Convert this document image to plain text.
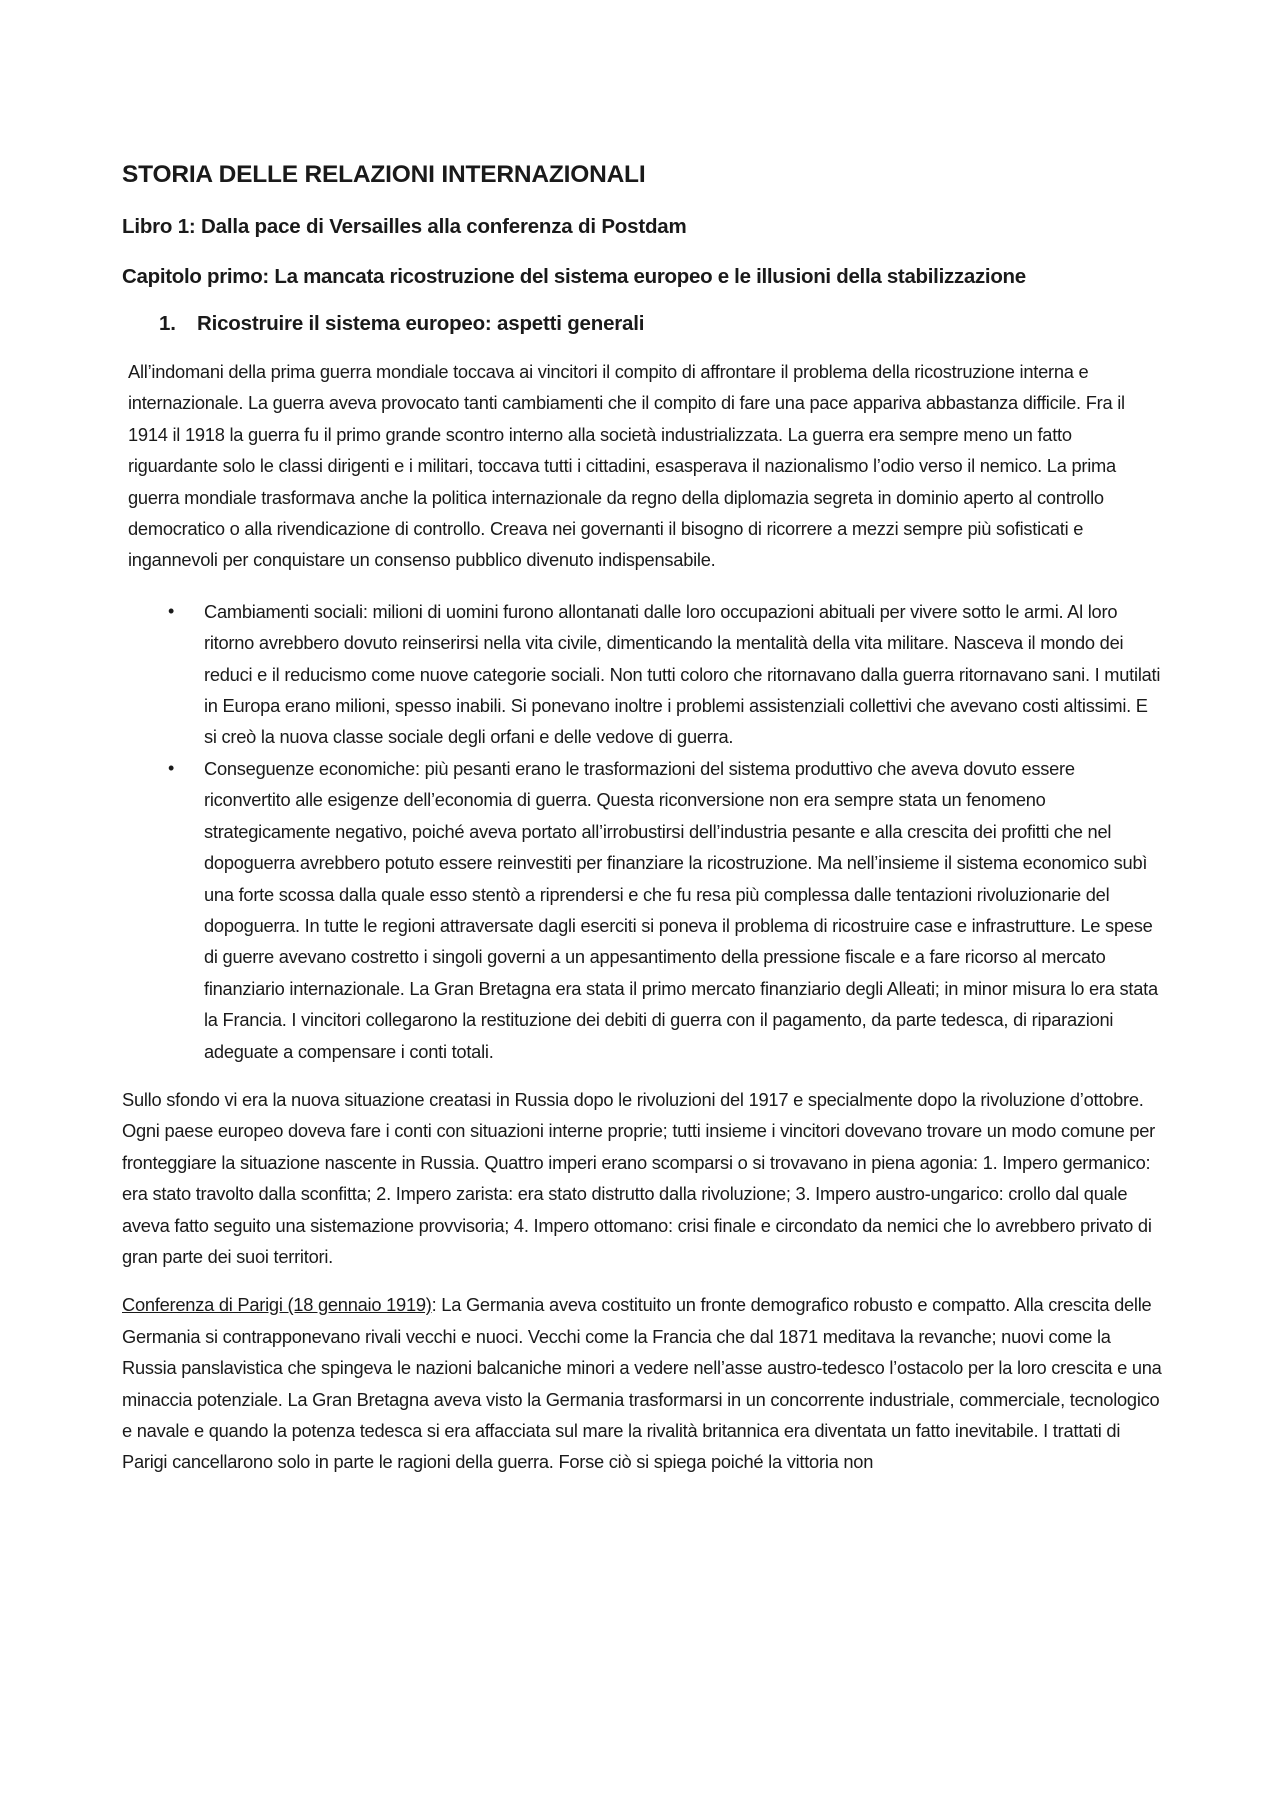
STORIA DELLE RELAZIONI INTERNAZIONALI
Libro 1: Dalla pace di Versailles alla conferenza di Postdam
Capitolo primo: La mancata ricostruzione del sistema europeo e le illusioni della stabilizzazione
1. Ricostruire il sistema europeo: aspetti generali

All’indomani della prima guerra mondiale toccava ai vincitori il compito di affrontare il problema della ricostruzione interna e internazionale. La guerra aveva provocato tanti cambiamenti che il compito di fare una pace appariva abbastanza difficile. Fra il 1914 il 1918 la guerra fu il primo grande scontro interno alla società industrializzata. La guerra era sempre meno un fatto riguardante solo le classi dirigenti e i militari, toccava tutti i cittadini, esasperava il nazionalismo l’odio verso il nemico. La prima guerra mondiale trasformava anche la politica internazionale da regno della diplomazia segreta in dominio aperto al controllo democratico o alla rivendicazione di controllo. Creava nei governanti il bisogno di ricorrere a mezzi sempre più sofisticati e ingannevoli per conquistare un consenso pubblico divenuto indispensabile.

• Cambiamenti sociali: milioni di uomini furono allontanati dalle loro occupazioni abituali per vivere sotto le armi. Al loro ritorno avrebbero dovuto reinserirsi nella vita civile, dimenticando la mentalità della vita militare. Nasceva il mondo dei reduci e il reducismo come nuove categorie sociali. Non tutti coloro che ritornavano dalla guerra ritornavano sani. I mutilati in Europa erano milioni, spesso inabili. Si ponevano inoltre i problemi assistenziali collettivi che avevano costi altissimi. E si creò la nuova classe sociale degli orfani e delle vedove di guerra.
• Conseguenze economiche: più pesanti erano le trasformazioni del sistema produttivo che aveva dovuto essere riconvertito alle esigenze dell’economia di guerra. Questa riconversione non era sempre stata un fenomeno strategicamente negativo, poiché aveva portato all’irrobustirsi dell’industria pesante e alla crescita dei profitti che nel dopoguerra avrebbero potuto essere reinvestiti per finanziare la ricostruzione. Ma nell’insieme il sistema economico subì una forte scossa dalla quale esso stentò a riprendersi e che fu resa più complessa dalle tentazioni rivoluzionarie del dopoguerra. In tutte le regioni attraversate dagli eserciti si poneva il problema di ricostruire case e infrastrutture. Le spese di guerre avevano costretto i singoli governi a un appesantimento della pressione fiscale e a fare ricorso al mercato finanziario internazionale. La Gran Bretagna era stata il primo mercato finanziario degli Alleati; in minor misura lo era stata la Francia. I vincitori collegarono la restituzione dei debiti di guerra con il pagamento, da parte tedesca, di riparazioni adeguate a compensare i conti totali.

Sullo sfondo vi era la nuova situazione creatasi in Russia dopo le rivoluzioni del 1917 e specialmente dopo la rivoluzione d’ottobre. Ogni paese europeo doveva fare i conti con situazioni interne proprie; tutti insieme i vincitori dovevano trovare un modo comune per fronteggiare la situazione nascente in Russia. Quattro imperi erano scomparsi o si trovavano in piena agonia: 1. Impero germanico: era stato travolto dalla sconfitta; 2. Impero zarista: era stato distrutto dalla rivoluzione; 3. Impero austro-ungarico: crollo dal quale aveva fatto seguito una sistemazione provvisoria; 4. Impero ottomano: crisi finale e circondato da nemici che lo avrebbero privato di gran parte dei suoi territori.

Conferenza di Parigi (18 gennaio 1919): La Germania aveva costituito un fronte demografico robusto e compatto. Alla crescita delle Germania si contrapponevano rivali vecchi e nuoci. Vecchi come la Francia che dal 1871 meditava la revanche; nuovi come la Russia panslavistica che spingeva le nazioni balcaniche minori a vedere nell’asse austro-tedesco l’ostacolo per la loro crescita e una minaccia potenziale. La Gran Bretagna aveva visto la Germania trasformarsi in un concorrente industriale, commerciale, tecnologico e navale e quando la potenza tedesca si era affacciata sul mare la rivalità britannica era diventata un fatto inevitabile. I trattati di Parigi cancellarono solo in parte le ragioni della guerra. Forse ciò si spiega poiché la vittoria non
